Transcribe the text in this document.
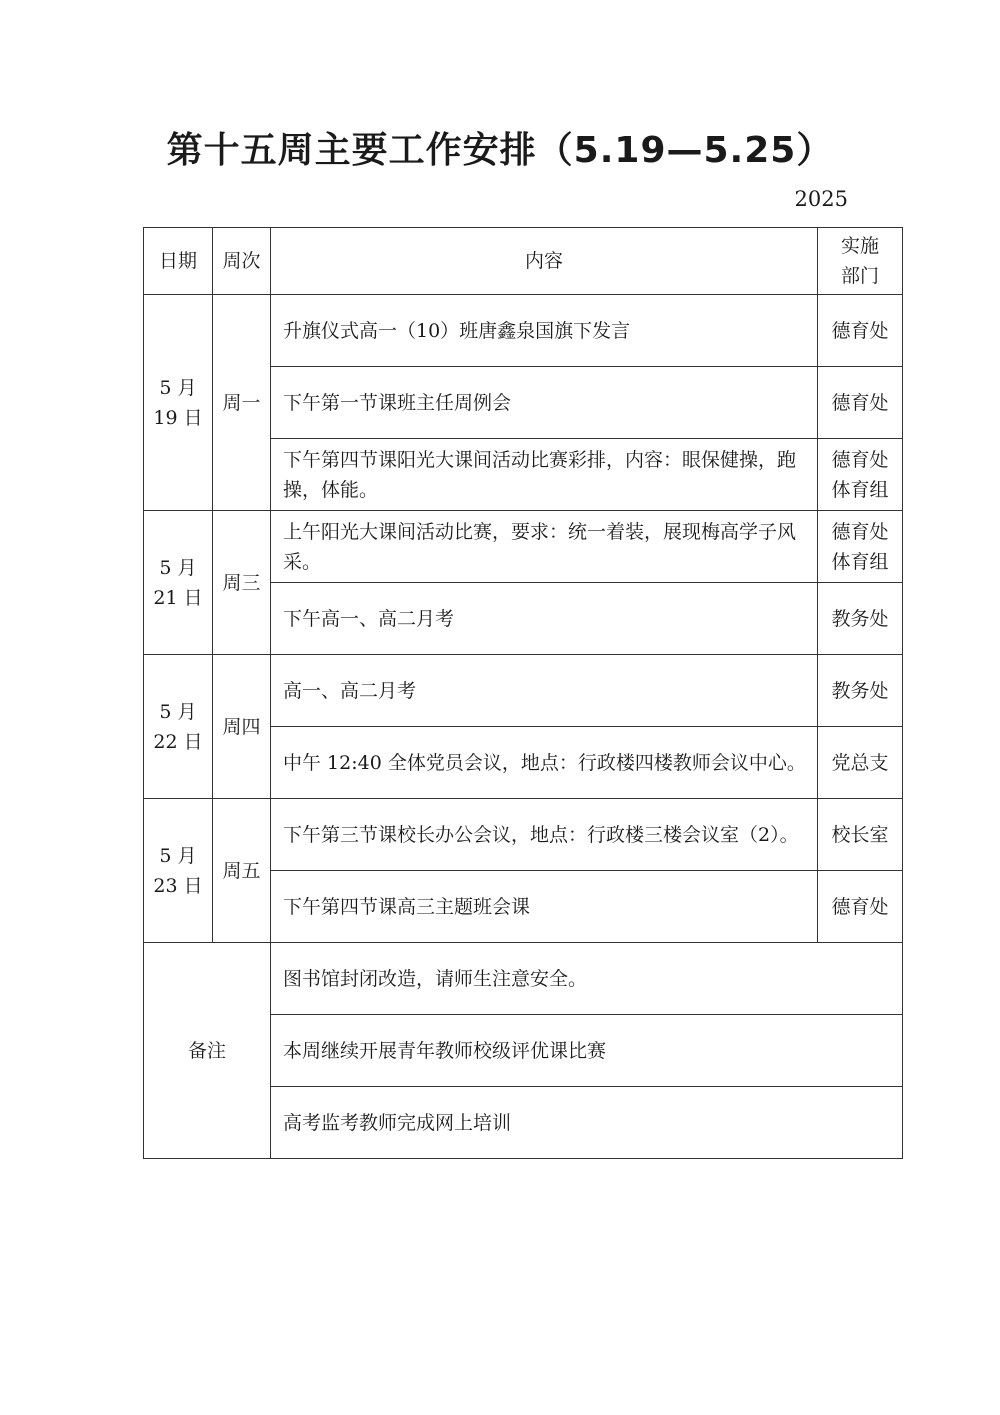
第十五周主要工作安排（5.19—5.25）
2025
日期	周次	内容	实施
部门
5 月
19 日	周一	升旗仪式高一（10）班唐鑫泉国旗下发言	德育处
		下午第一节课班主任周例会	德育处
		下午第四节课阳光大课间活动比赛彩排，内容：眼保健操，跑操，体能。	德育处
体育组
5 月
21 日	周三	上午阳光大课间活动比赛，要求：统一着装，展现梅高学子风采。	德育处
体育组
		下午高一、高二月考	教务处
5 月
22 日	周四	高一、高二月考	教务处
		中午 12:40 全体党员会议，地点：行政楼四楼教师会议中心。	党总支
5 月
23 日	周五	下午第三节课校长办公会议，地点：行政楼三楼会议室（2）。	校长室
		下午第四节课高三主题班会课	德育处
备注		图书馆封闭改造，请师生注意安全。	
		本周继续开展青年教师校级评优课比赛	
		高考监考教师完成网上培训	
